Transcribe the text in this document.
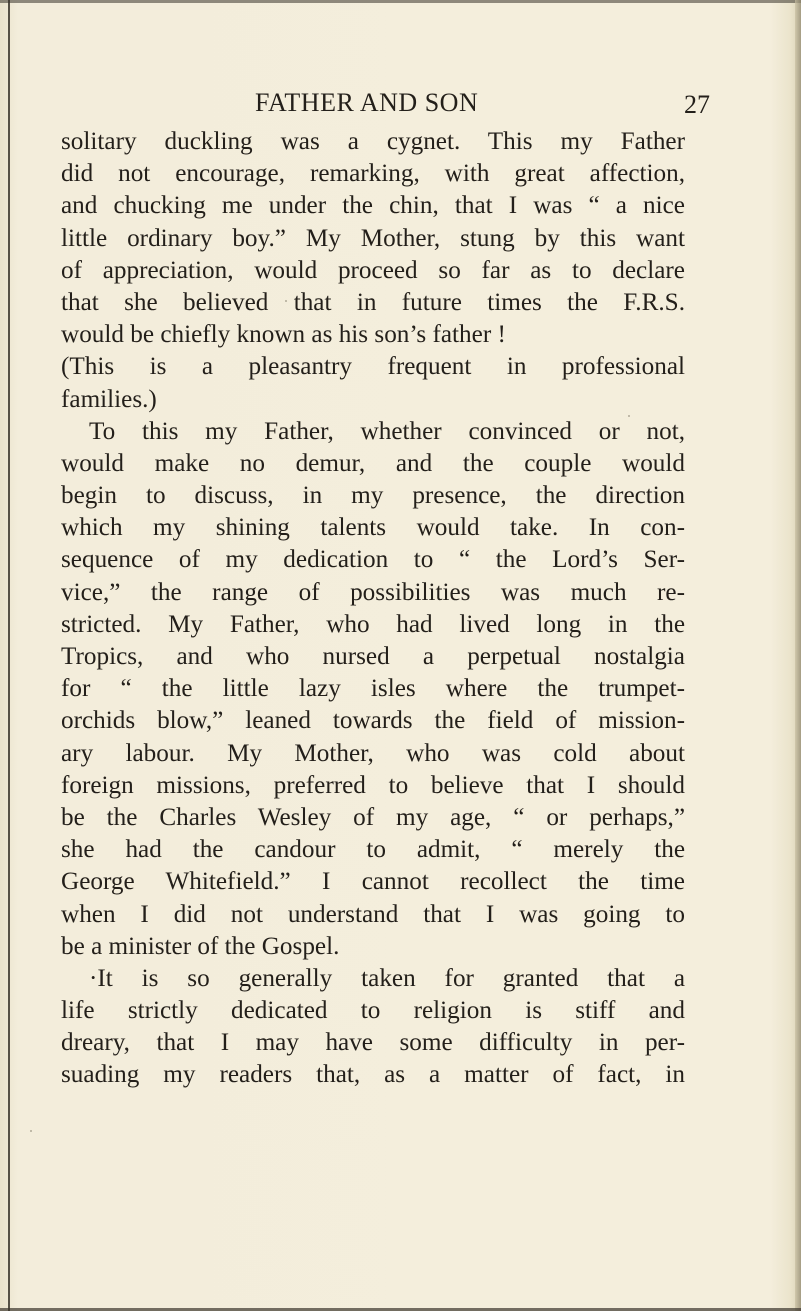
FATHER AND SON	27
solitary duckling was a cygnet. This my Father
did not encourage, remarking, with great affection,
and chucking me under the chin, that I was “ a nice
little ordinary boy.” My Mother, stung by this want
of appreciation, would proceed so far as to declare
that she believed that in future times the F.R.S.
would be chiefly known as his son’s father !
(This is a pleasantry frequent in professional
families.)
To this my Father, whether convinced or not,
would make no demur, and the couple would
begin to discuss, in my presence, the direction
which my shining talents would take. In con-
sequence of my dedication to “ the Lord’s Ser-
vice,” the range of possibilities was much re-
stricted. My Father, who had lived long in the
Tropics, and who nursed a perpetual nostalgia
for “ the little lazy isles where the trumpet-
orchids blow,” leaned towards the field of mission-
ary labour. My Mother, who was cold about
foreign missions, preferred to believe that I should
be the Charles Wesley of my age, “ or perhaps,”
she had the candour to admit, “ merely the
George Whitefield.” I cannot recollect the time
when I did not understand that I was going to
be a minister of the Gospel.
·It is so generally taken for granted that a
life strictly dedicated to religion is stiff and
dreary, that I may have some difficulty in per-
suading my readers that, as a matter of fact, in
